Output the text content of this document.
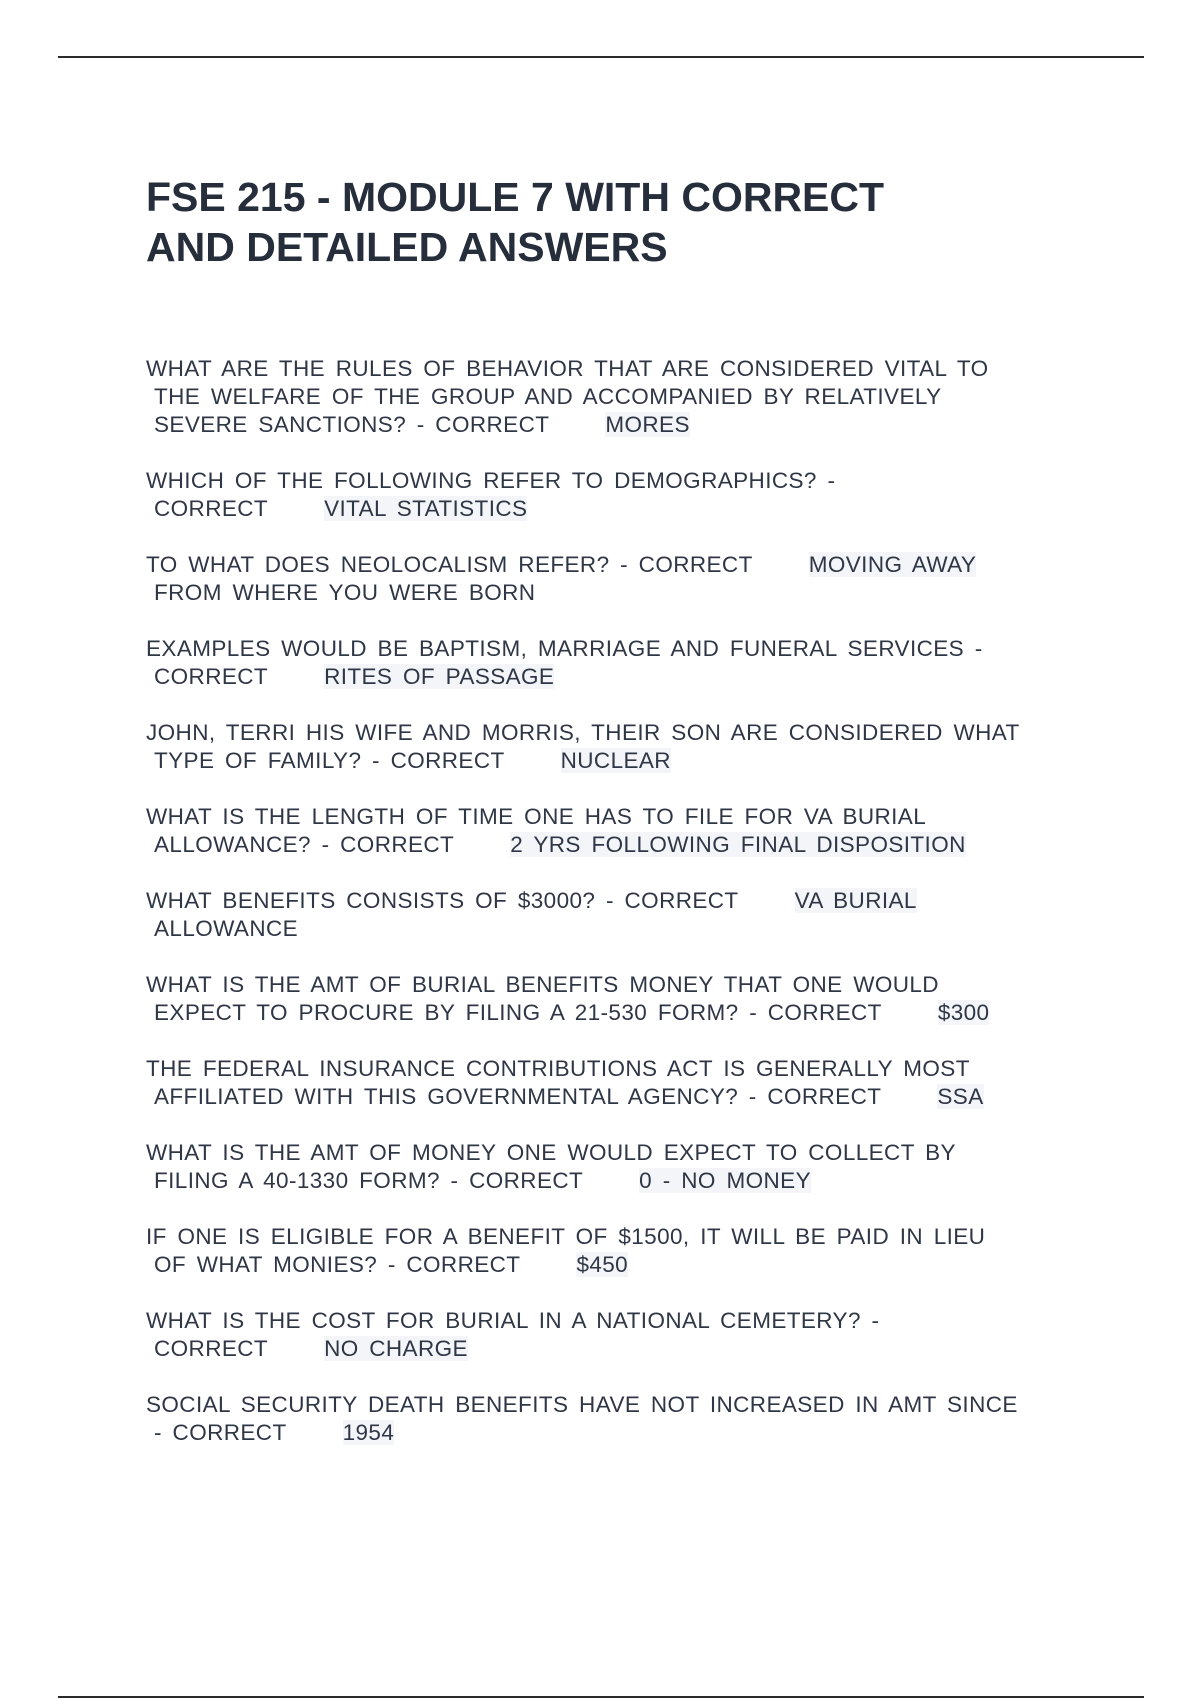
FSE 215 - MODULE 7 WITH CORRECT
AND DETAILED ANSWERS

WHAT ARE THE RULES OF BEHAVIOR THAT ARE CONSIDERED VITAL TO
THE WELFARE OF THE GROUP AND ACCOMPANIED BY RELATIVELY
SEVERE SANCTIONS? - CORRECT MORES

WHICH OF THE FOLLOWING REFER TO DEMOGRAPHICS? -
CORRECT VITAL STATISTICS

TO WHAT DOES NEOLOCALISM REFER? - CORRECT MOVING AWAY
FROM WHERE YOU WERE BORN

EXAMPLES WOULD BE BAPTISM, MARRIAGE AND FUNERAL SERVICES -
CORRECT RITES OF PASSAGE

JOHN, TERRI HIS WIFE AND MORRIS, THEIR SON ARE CONSIDERED WHAT
TYPE OF FAMILY? - CORRECT NUCLEAR

WHAT IS THE LENGTH OF TIME ONE HAS TO FILE FOR VA BURIAL
ALLOWANCE? - CORRECT 2 YRS FOLLOWING FINAL DISPOSITION

WHAT BENEFITS CONSISTS OF $3000? - CORRECT VA BURIAL
ALLOWANCE

WHAT IS THE AMT OF BURIAL BENEFITS MONEY THAT ONE WOULD
EXPECT TO PROCURE BY FILING A 21-530 FORM? - CORRECT $300

THE FEDERAL INSURANCE CONTRIBUTIONS ACT IS GENERALLY MOST
AFFILIATED WITH THIS GOVERNMENTAL AGENCY? - CORRECT SSA

WHAT IS THE AMT OF MONEY ONE WOULD EXPECT TO COLLECT BY
FILING A 40-1330 FORM? - CORRECT 0 - NO MONEY

IF ONE IS ELIGIBLE FOR A BENEFIT OF $1500, IT WILL BE PAID IN LIEU
OF WHAT MONIES? - CORRECT $450

WHAT IS THE COST FOR BURIAL IN A NATIONAL CEMETERY? -
CORRECT NO CHARGE

SOCIAL SECURITY DEATH BENEFITS HAVE NOT INCREASED IN AMT SINCE
- CORRECT 1954
